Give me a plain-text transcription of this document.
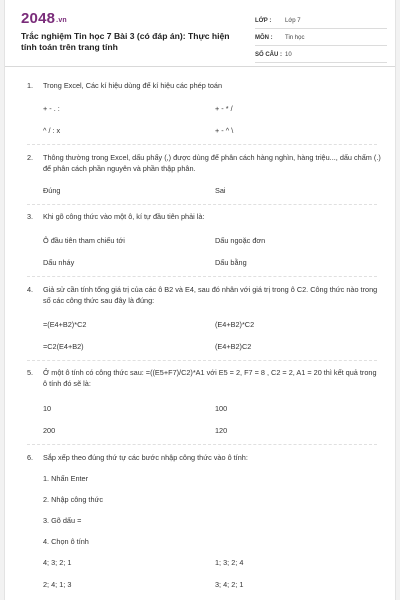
2048.vn
Trắc nghiệm Tin học 7 Bài 3 (có đáp án): Thực hiện tính toán trên trang tính
LỚP :	Lớp 7
MÔN :	Tin học
SỐ CÂU : 10
1. Trong Excel, Các kí hiệu dùng để kí hiệu các phép toán
+ - . :	+ - * /
^ / : x	+ - ^ \
2. Thông thường trong Excel, dấu phẩy (,) được dùng để phân cách hàng nghìn, hàng triệu..., dấu chấm (.) để phân cách phần nguyên và phần thập phân.
Đúng	Sai
3. Khi gõ công thức vào một ô, kí tự đầu tiên phải là:
Ô đầu tiên tham chiếu tới	Dấu ngoặc đơn
Dấu nháy	Dấu bằng
4. Giả sử cần tính tổng giá trị của các ô B2 và E4, sau đó nhân với giá trị trong ô C2. Công thức nào trong số các công thức sau đây là đúng:
=(E4+B2)*C2	(E4+B2)*C2
=C2(E4+B2)	(E4+B2)C2
5. Ở một ô tính có công thức sau: =((E5+F7)/C2)*A1 với E5 = 2, F7 = 8 , C2 = 2, A1 = 20 thì kết quả trong ô tính đó sẽ là:
10	100
200	120
6. Sắp xếp theo đúng thứ tự các bước nhập công thức vào ô tính:
1. Nhấn Enter
2. Nhập công thức
3. Gõ dấu =
4. Chọn ô tính
4; 3; 2; 1	1; 3; 2; 4
2; 4; 1; 3	3; 4; 2; 1
